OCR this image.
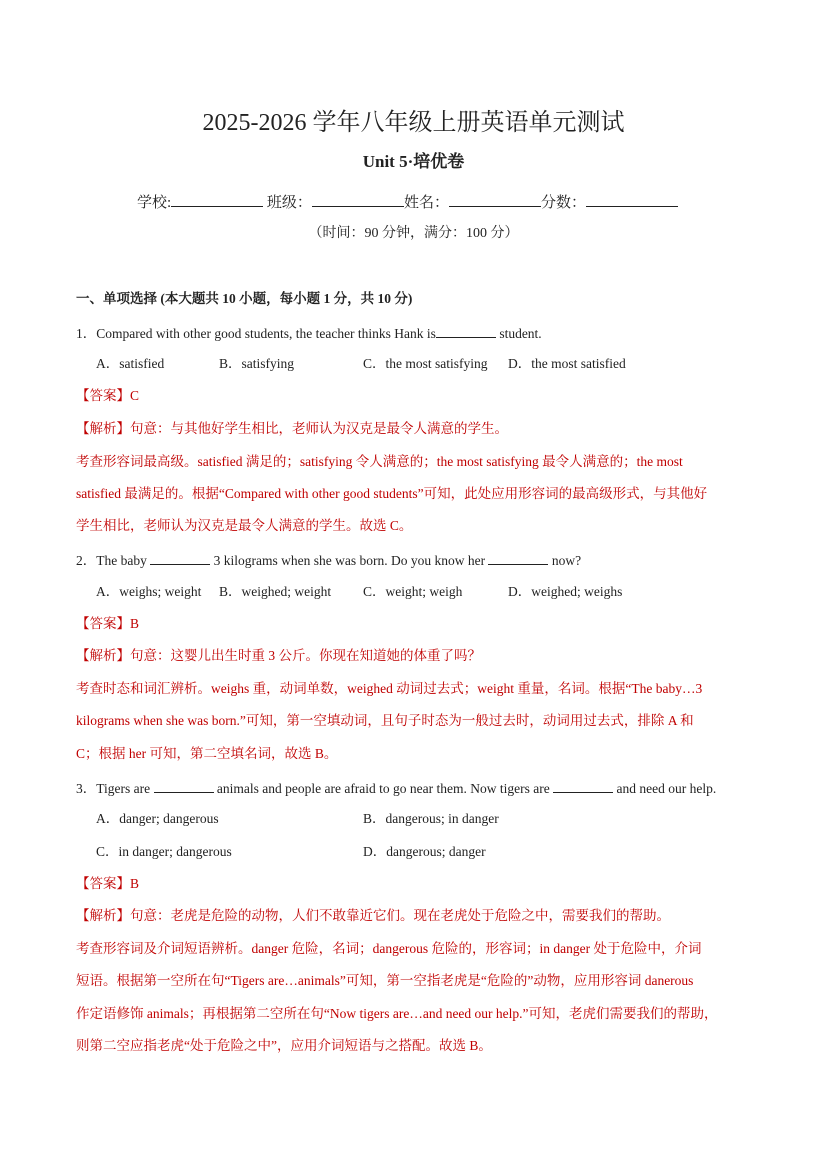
2025-2026 学年八年级上册英语单元测试
Unit 5·培优卷
学校:	班级：	姓名：	分数：
（时间：90 分钟，满分：100 分）
一、单项选择 (本大题共 10 小题，每小题 1 分，共 10 分)
1．Compared with other good students, the teacher thinks Hank is	student.
A．satisfied	B．satisfying	C．the most satisfying D．the most satisfied
【答案】C
【解析】句意：与其他好学生相比，老师认为汉克是最令人满意的学生。
考查形容词最高级。satisfied 满足的；satisfying 令人满意的；the most satisfying 最令人满意的；the most
satisfied 最满足的。根据“Compared with other good students”可知，此处应用形容词的最高级形式，与其他好
学生相比，老师认为汉克是最令人满意的学生。故选 C。
2．The baby	3 kilograms when she was born. Do you know her	now?
A．weighs; weight B．weighed; weight C．weight; weigh	D．weighed; weighs
【答案】B
【解析】句意：这婴儿出生时重 3 公斤。你现在知道她的体重了吗？
考查时态和词汇辨析。weighs 重，动词单数，weighed 动词过去式；weight 重量，名词。根据“The baby…3
kilograms when she was born.”可知，第一空填动词，且句子时态为一般过去时，动词用过去式，排除 A 和
C；根据 her 可知，第二空填名词，故选 B。
3．Tigers are	animals and people are afraid to go near them. Now tigers are	and need our help.
A．danger; dangerous	B．dangerous; in danger
C．in danger; dangerous	D．dangerous; danger
【答案】B
【解析】句意：老虎是危险的动物，人们不敢靠近它们。现在老虎处于危险之中，需要我们的帮助。
考查形容词及介词短语辨析。danger 危险，名词；dangerous 危险的，形容词；in danger 处于危险中，介词
短语。根据第一空所在句“Tigers are…animals”可知，第一空指老虎是“危险的”动物，应用形容词 danerous
作定语修饰 animals；再根据第二空所在句“Now tigers are…and need our help.”可知，老虎们需要我们的帮助，
则第二空应指老虎“处于危险之中”，应用介词短语与之搭配。故选 B。
